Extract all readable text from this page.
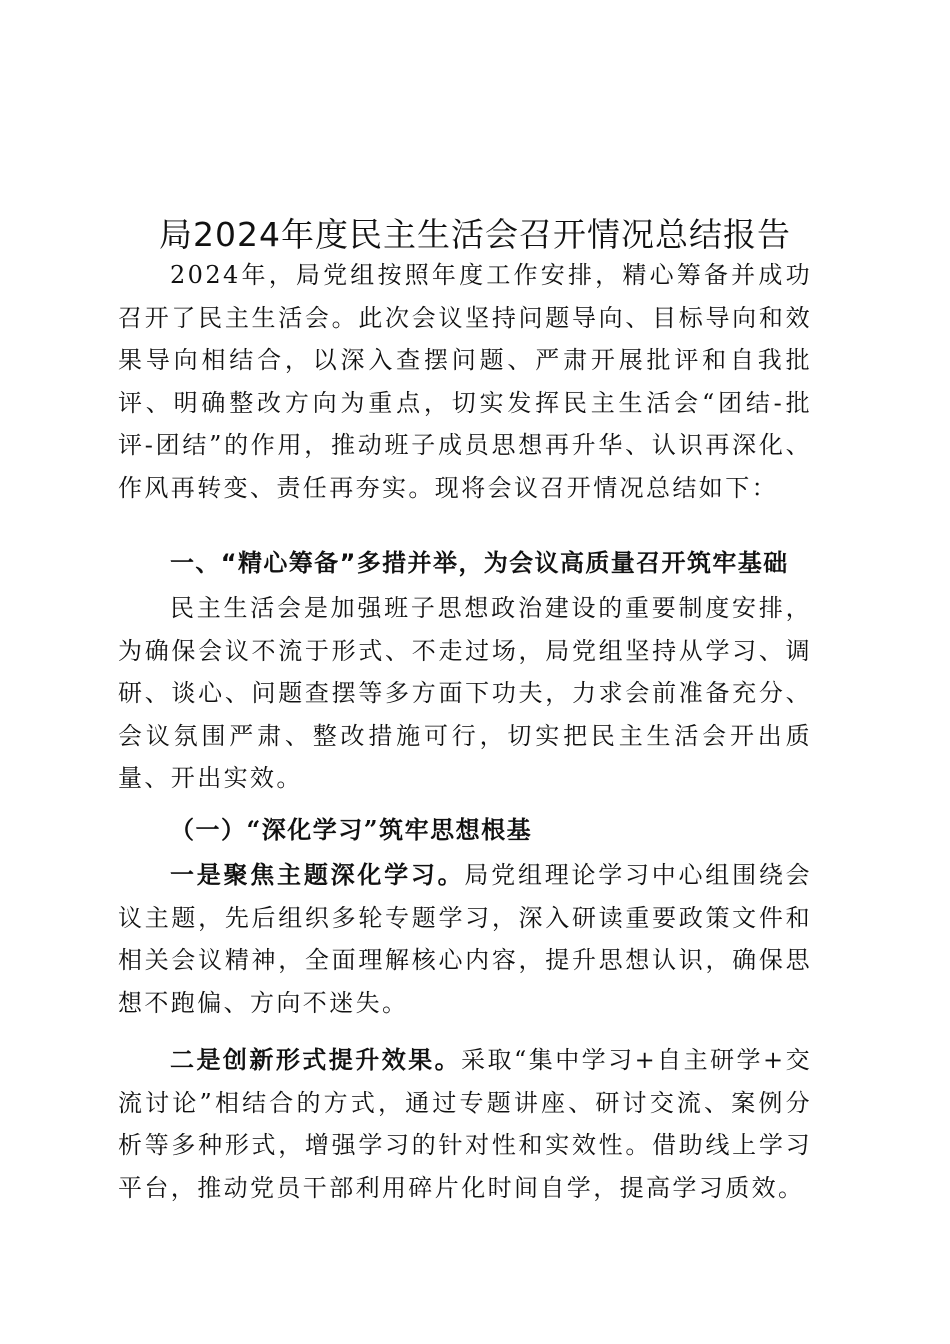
局2024年度民主生活会召开情况总结报告

2024年，局党组按照年度工作安排，精心筹备并成功召开了民主生活会。此次会议坚持问题导向、目标导向和效果导向相结合，以深入查摆问题、严肃开展批评和自我批评、明确整改方向为重点，切实发挥民主生活会“团结-批评-团结”的作用，推动班子成员思想再升华、认识再深化、作风再转变、责任再夯实。现将会议召开情况总结如下：

一、“精心筹备”多措并举，为会议高质量召开筑牢基础

民主生活会是加强班子思想政治建设的重要制度安排，为确保会议不流于形式、不走过场，局党组坚持从学习、调研、谈心、问题查摆等多方面下功夫，力求会前准备充分、会议氛围严肃、整改措施可行，切实把民主生活会开出质量、开出实效。

（一）“深化学习”筑牢思想根基

一是聚焦主题深化学习。局党组理论学习中心组围绕会议主题，先后组织多轮专题学习，深入研读重要政策文件和相关会议精神，全面理解核心内容，提升思想认识，确保思想不跑偏、方向不迷失。

二是创新形式提升效果。采取“集中学习+自主研学+交流讨论”相结合的方式，通过专题讲座、研讨交流、案例分析等多种形式，增强学习的针对性和实效性。借助线上学习平台，推动党员干部利用碎片化时间自学，提高学习质效。
